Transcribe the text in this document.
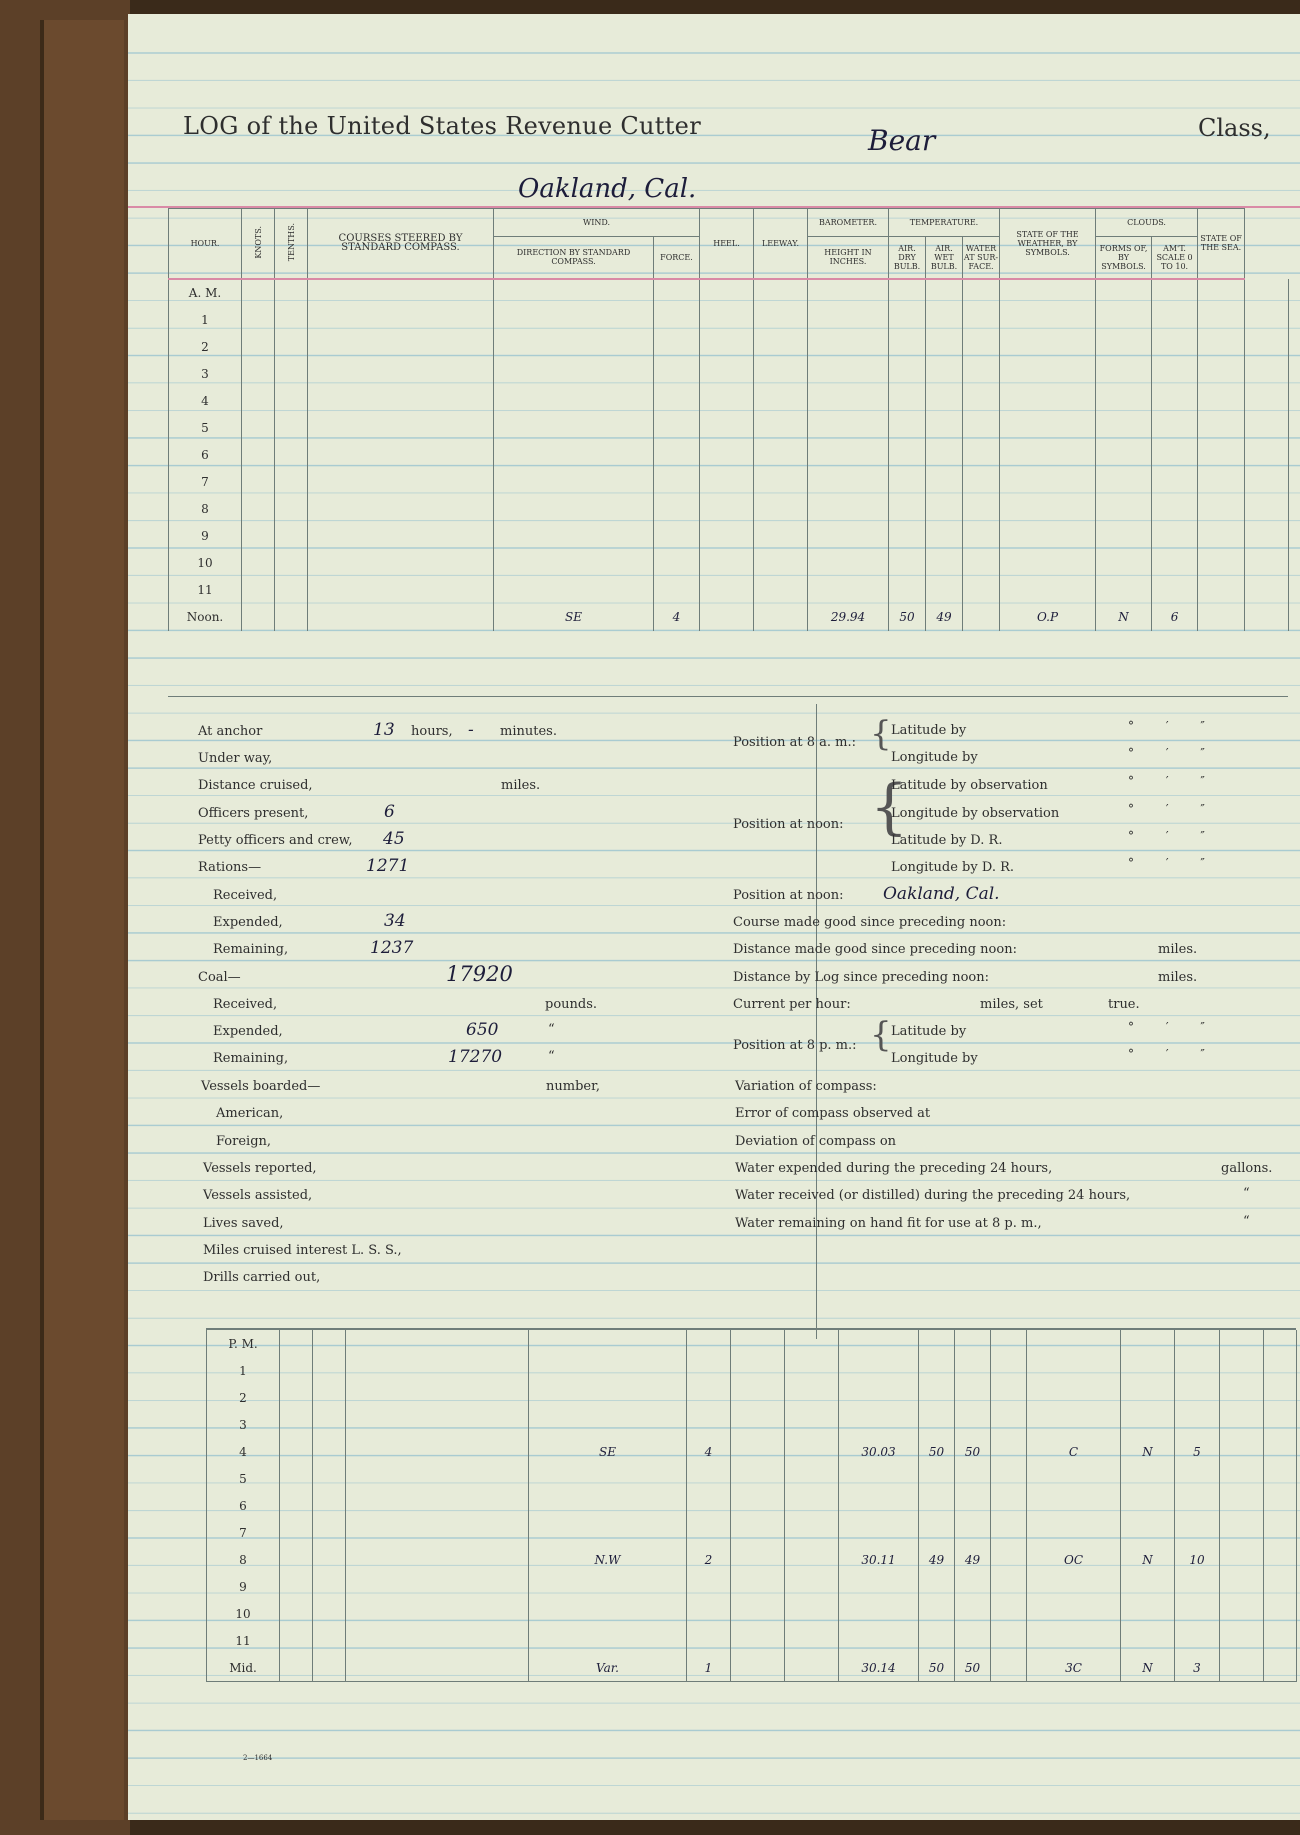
LOG of the United States Revenue Cutter	Bear	Class,
Oakland, Cal.
HOUR.	KNOTS.	TENTHS.	COURSES STEERED BY STANDARD COMPASS.	WIND.		HEEL.	LEEWAY.	BAROMETER.	TEMPERATURE.			STATE OF THE WEATHER, BY SYMBOLS.	CLOUDS.		STATE OF THE SEA.	
				DIRECTION BY STANDARD COMPASS.	FORCE.			HEIGHT IN INCHES.	AIR. DRY BULB.	AIR. WET BULB.	WATER AT SUR-FACE.		FORMS OF, BY SYMBOLS.	AM'T. SCALE 0 TO 10.		
A. M.																
1																
2																
3																
4																
5																
6																
7																
8																
9																
10																
11																
Noon.				SE	4			29.94	50	49		O.P	N	6		
At anchor	13 hours, - minutes.
Under way,
Distance cruised,	miles.
Officers present,	6
Petty officers and crew, 45
Rations—	1271
Received,
Expended,	34
Remaining,	1237
Coal—	17920
Received,	pounds.
Expended,	650	“
Remaining,	17270	“
Vessels boarded—	number,
American,
Foreign,
Vessels reported,
Vessels assisted,
Lives saved,
Miles cruised interest L. S. S.,
Drills carried out,
Position at 8 a. m.: { Latitude by	° ′ ″
Longitude by	° ′ ″
Position at noon: {
Latitude by observation	° ′ ″
Longitude by observation	° ′ ″
Latitude by D. R.	° ′ ″
Longitude by D. R.	° ′ ″
Position at noon: Oakland, Cal.
Course made good since preceding noon:
Distance made good since preceding noon:	miles.
Distance by Log since preceding noon:	miles.
Current per hour:	miles, set	true.
Position at 8 p. m.: { Latitude by	° ′ ″
Longitude by	° ′ ″
Variation of compass:
Error of compass observed at
Deviation of compass on
Water expended during the preceding 24 hours,	gallons.
Water received (or distilled) during the preceding 24 hours,	“
Water remaining on hand fit for use at 8 p. m.,	“
P. M.																
1																
2																
3																
4				SE	4			30.03	50	50		C	N	5		
5																
6																
7																
8				N.W	2			30.11	49	49		OC	N	10		
9																
10																
11																
Mid.				Var.	1			30.14	50	50		3C	N	3		
2—1664
